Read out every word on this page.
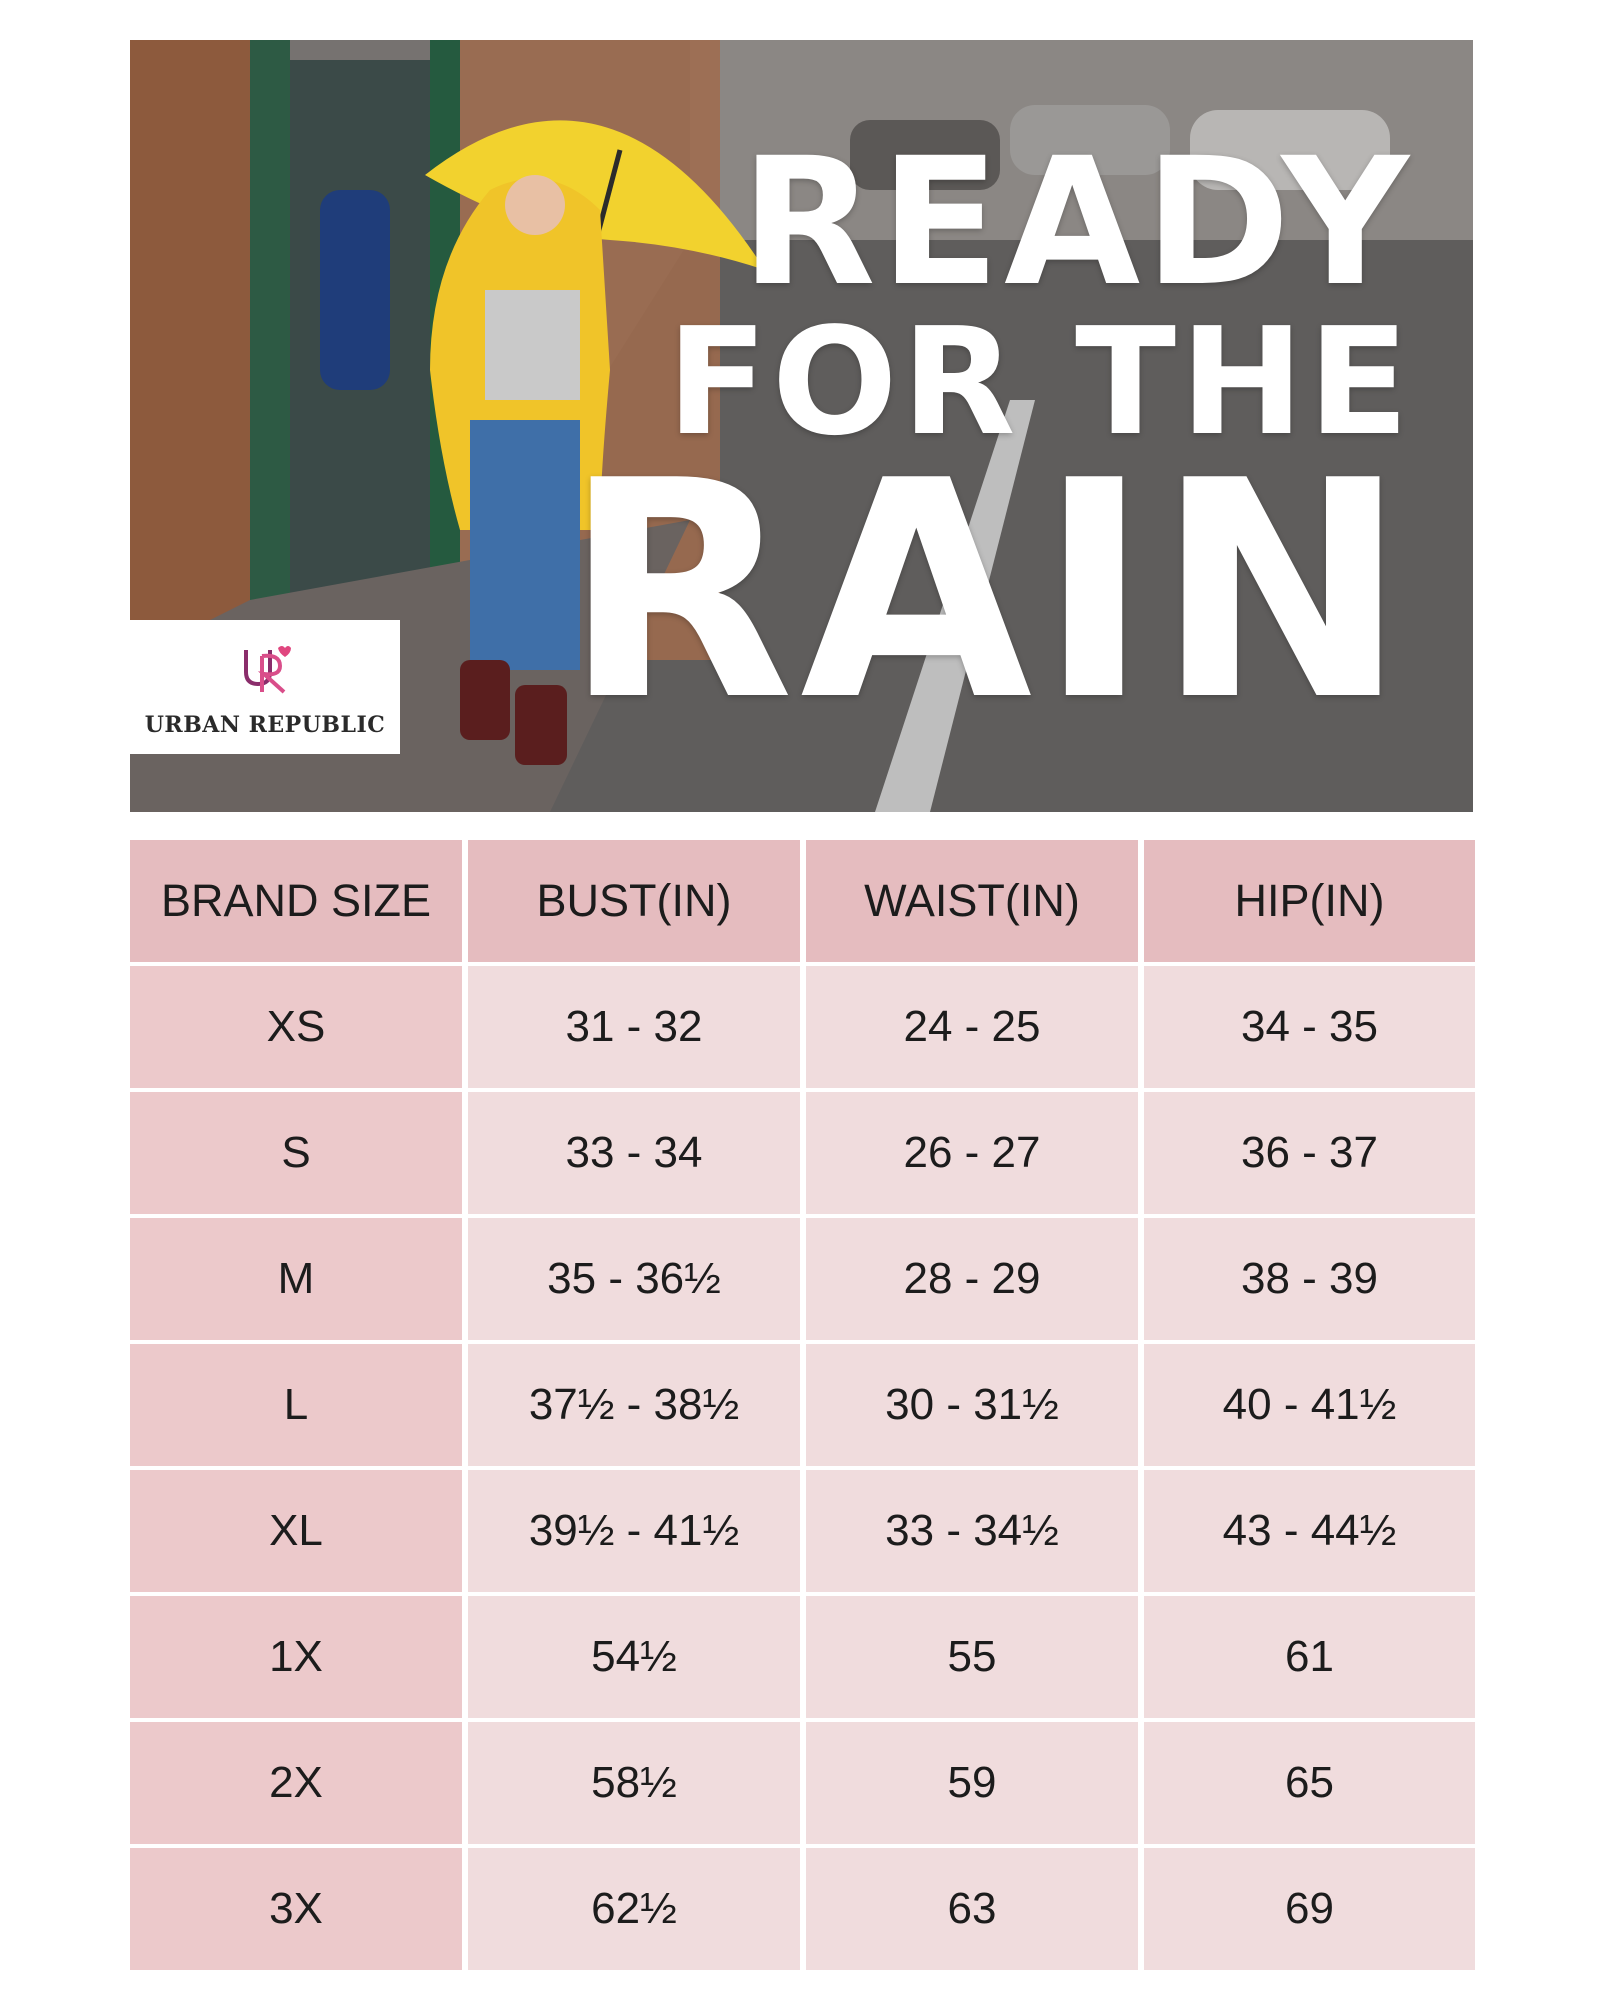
READY
FOR THE
RAIN
URBAN REPUBLIC
BRAND SIZE	BUST(IN)	WAIST(IN)	HIP(IN)
XS	31 - 32	24 - 25	34 - 35
S	33 - 34	26 - 27	36 - 37
M	35 - 36½	28 - 29	38 - 39
L	37½ - 38½	30 - 31½	40 - 41½
XL	39½ - 41½	33 - 34½	43 - 44½
1X	54½	55	61
2X	58½	59	65
3X	62½	63	69
